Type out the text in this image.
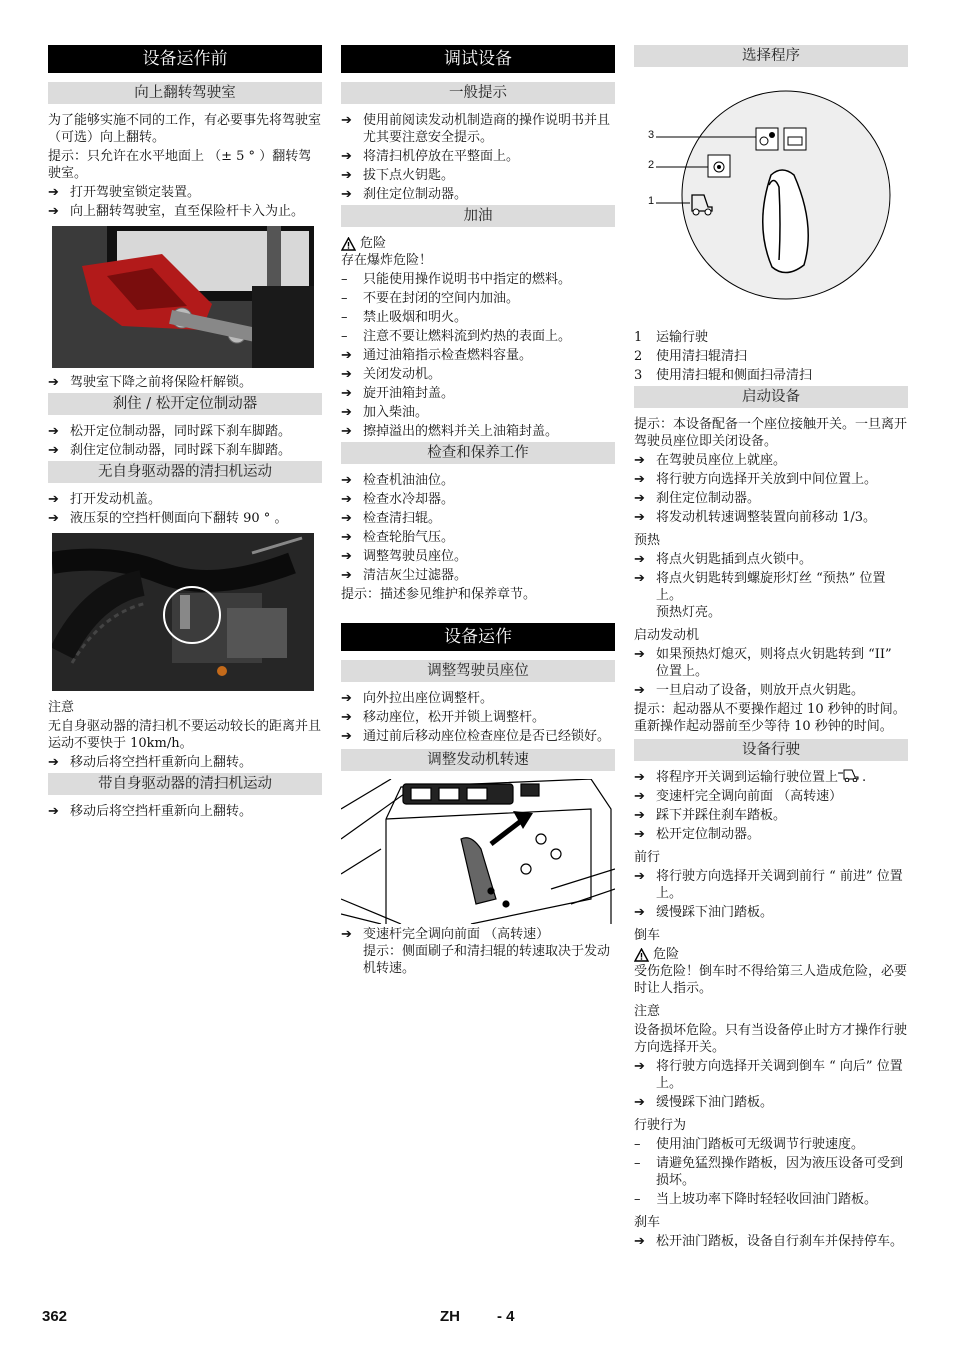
设备运作前
向上翻转驾驶室
为了能够实施不同的工作，有必要事先将驾驶室 （可选）向上翻转。
提示：只允许在水平地面上 （± 5 ° ）翻转驾驶室。
➔ 打开驾驶室锁定装置。
➔ 向上翻转驾驶室，直至保险杆卡入为止。
➔ 驾驶室下降之前将保险杆解锁。
刹住 / 松开定位制动器
➔ 松开定位制动器，同时踩下刹车脚踏。
➔ 刹住定位制动器，同时踩下刹车脚踏。
无自身驱动器的清扫机运动
➔ 打开发动机盖。
➔ 液压泵的空挡杆侧面向下翻转 90 ° 。
注意
无自身驱动器的清扫机不要运动较长的距离并且运动不要快于 10km/h。
➔ 移动后将空挡杆重新向上翻转。
带自身驱动器的清扫机运动
➔ 移动后将空挡杆重新向上翻转。
调试设备
一般提示
➔ 使用前阅读发动机制造商的操作说明书并且尤其要注意安全提示。
➔ 将清扫机停放在平整面上。
➔ 拔下点火钥匙。
➔ 刹住定位制动器。
加油
危险
存在爆炸危险！
–	只能使用操作说明书中指定的燃料。
–	不要在封闭的空间内加油。
–	禁止吸烟和明火。
–	注意不要让燃料流到灼热的表面上。
➔ 通过油箱指示检查燃料容量。
➔ 关闭发动机。
➔ 旋开油箱封盖。
➔ 加入柴油。
➔ 擦掉溢出的燃料并关上油箱封盖。
检查和保养工作
➔ 检查机油油位。
➔ 检查水冷却器。
➔ 检查清扫辊。
➔ 检查轮胎气压。
➔ 调整驾驶员座位。
➔ 清洁灰尘过滤器。
提示：描述参见维护和保养章节。
设备运作
调整驾驶员座位
➔ 向外拉出座位调整杆。
➔ 移动座位，松开并锁上调整杆。
➔ 通过前后移动座位检查座位是否已经锁好。
调整发动机转速
➔ 变速杆完全调向前面 （高转速）
提示：侧面刷子和清扫辊的转速取决于发动机转速。
选择程序
3
2
1
1	运输行驶
2	使用清扫辊清扫
3	使用清扫辊和侧面扫帚清扫
启动设备
提示：本设备配备一个座位接触开关。一旦离开驾驶员座位即关闭设备。
➔ 在驾驶员座位上就座。
➔ 将行驶方向选择开关放到中间位置上。
➔ 刹住定位制动器。
➔ 将发动机转速调整装置向前移动 1/3。
预热
➔ 将点火钥匙插到点火锁中。
➔ 将点火钥匙转到螺旋形灯丝 “预热” 位置上。
预热灯亮。
启动发动机
➔ 如果预热灯熄灭，则将点火钥匙转到 “II” 位置上。
➔ 一旦启动了设备，则放开点火钥匙。
提示：起动器从不要操作超过 10 秒钟的时间。重新操作起动器前至少等待 10 秒钟的时间。
设备行驶
➔ 将程序开关调到运输行驶位置上 .
➔ 变速杆完全调向前面 （高转速）
➔ 踩下并踩住刹车踏板。
➔ 松开定位制动器。
前行
➔ 将行驶方向选择开关调到前行 “ 前进” 位置上。
➔ 缓慢踩下油门踏板。
倒车
危险
受伤危险！倒车时不得给第三人造成危险，必要时让人指示。
注意
设备损坏危险。只有当设备停止时方才操作行驶方向选择开关。
➔ 将行驶方向选择开关调到倒车 “ 向后” 位置上。
➔ 缓慢踩下油门踏板。
行驶行为
–	使用油门踏板可无级调节行驶速度。
–	请避免猛烈操作踏板，因为液压设备可受到损坏。
–	当上坡功率下降时轻轻收回油门踏板。
刹车
➔ 松开油门踏板，设备自行刹车并保持停车。
362	ZH - 4
